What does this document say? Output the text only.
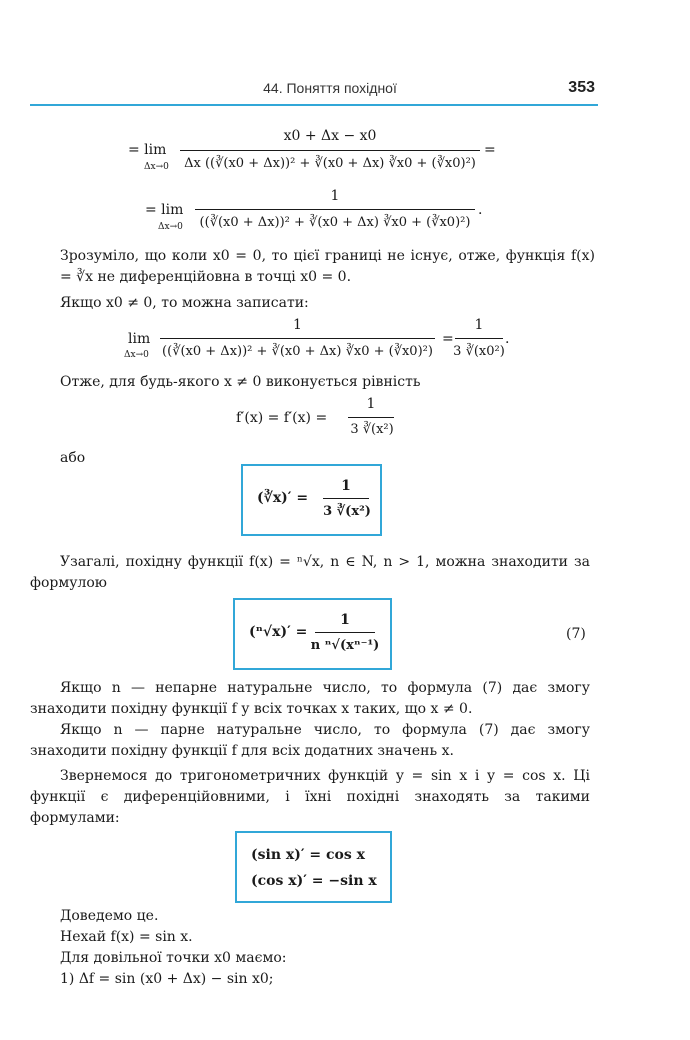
44. Поняття похідної	353
= lim
Δx→0
x0 + Δx − x0
Δx ((∛(x0 + Δx))² + ∛(x0 + Δx) ∛x0 + (∛x0)²)
=
= lim
Δx→0
1
((∛(x0 + Δx))² + ∛(x0 + Δx) ∛x0 + (∛x0)²)
.
Зрозуміло, що коли x0 = 0, то цієї границі не існує, отже, функція f(x) = ∛x не диференційовна в точці x0 = 0.
Якщо x0 ≠ 0, то можна записати:
lim
Δx→0
1
((∛(x0 + Δx))² + ∛(x0 + Δx) ∛x0 + (∛x0)²)
=
1
3 ∛(x0²)
.
Отже, для будь-якого x ≠ 0 виконується рівність
f′(x) = f′(x) =
1
3 ∛(x²)
або
(∛x)′ =
1
3 ∛(x²)
Узагалі, похідну функції f(x) = ⁿ√x, n ∈ N, n > 1, можна знаходити за формулою
(ⁿ√x)′ =
1
n ⁿ√(xⁿ⁻¹)
(7)
Якщо n — непарне натуральне число, то формула (7) дає змогу знаходити похідну функції f у всіх точках x таких, що x ≠ 0.
Якщо n — парне натуральне число, то формула (7) дає змогу знаходити похідну функції f для всіх додатних значень x.
Звернемося до тригонометричних функцій y = sin x і y = cos x. Ці функції є диференційовними, і їхні похідні знаходять за такими формулами:
(sin x)′ = cos x
(cos x)′ = −sin x
Доведемо це.
Нехай f(x) = sin x.
Для довільної точки x0 маємо:
1) Δf = sin (x0 + Δx) − sin x0;
